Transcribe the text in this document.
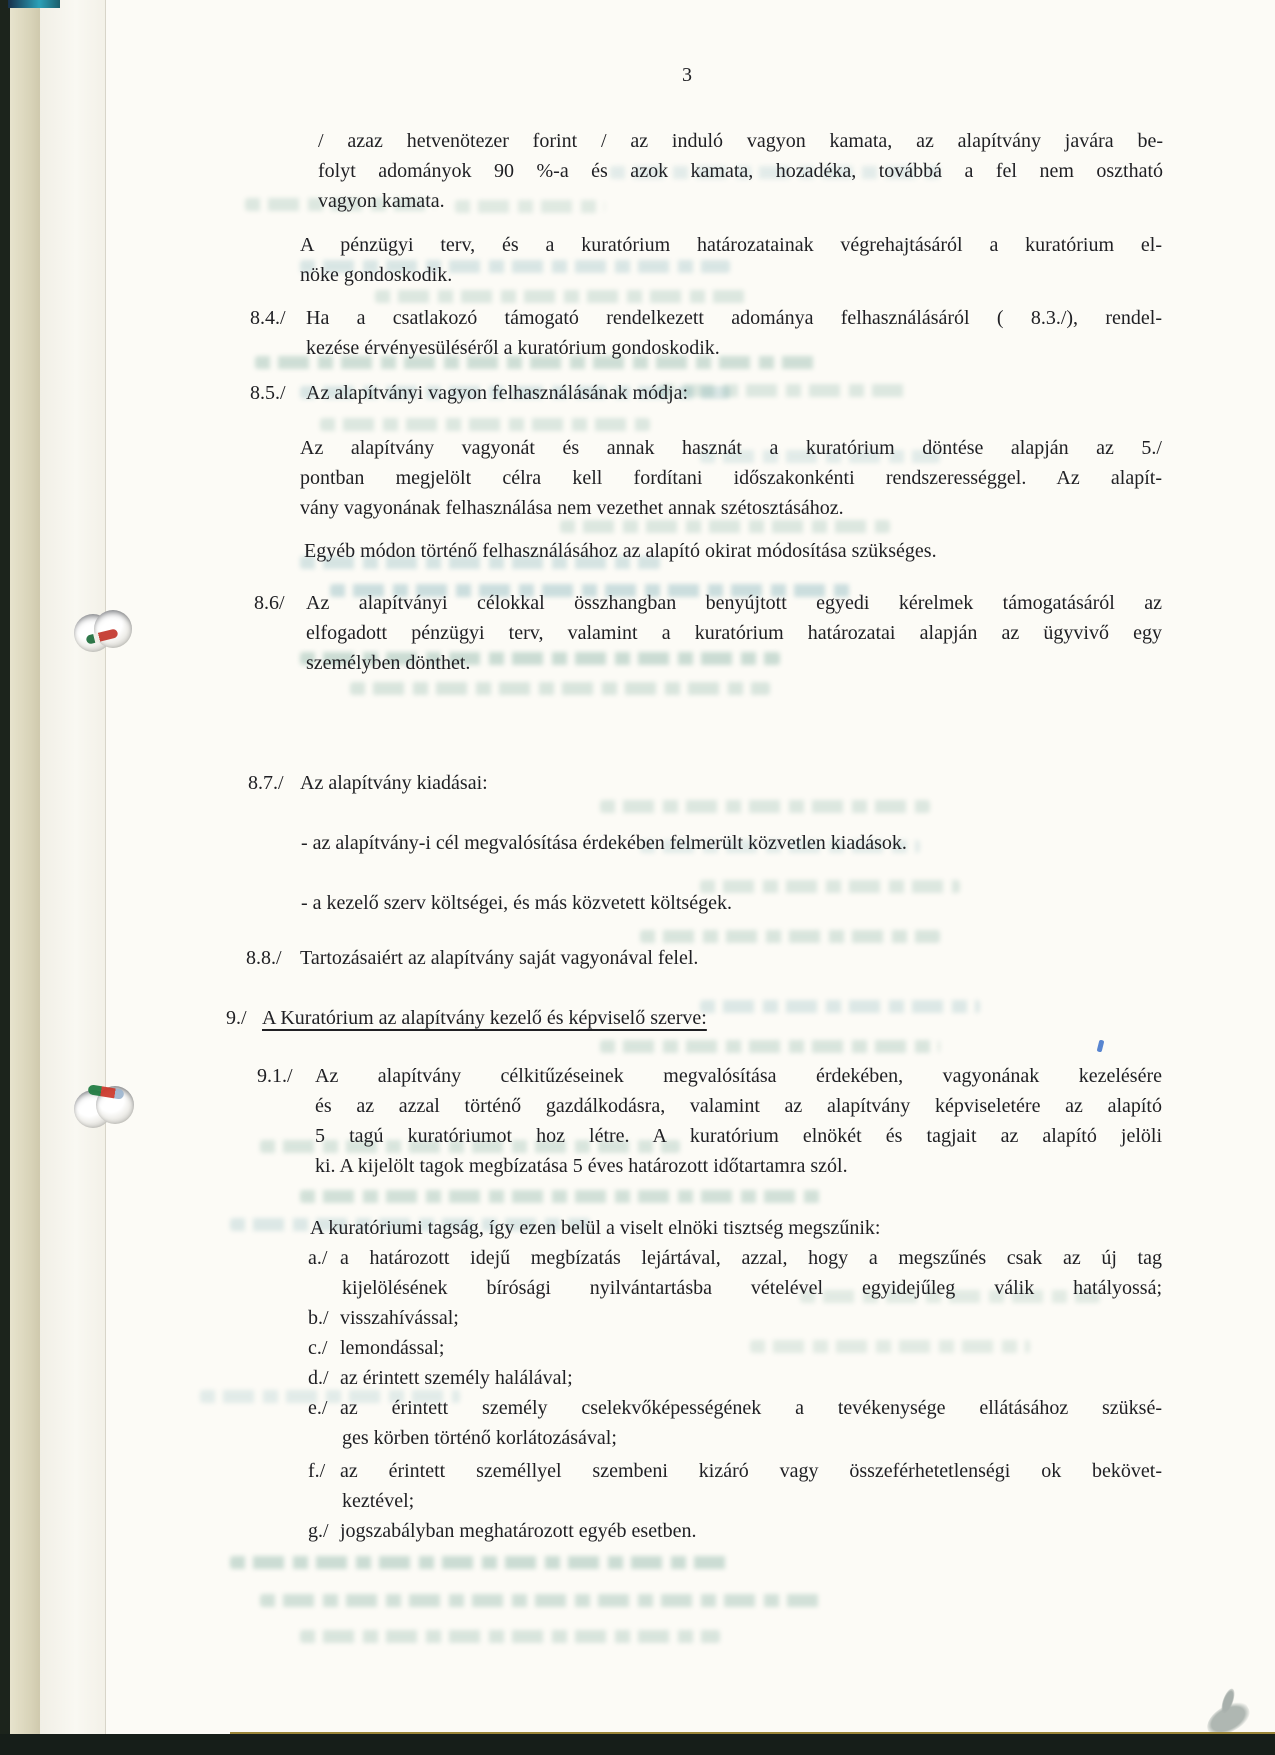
3
/ azaz hetvenötezer forint / az induló vagyon kamata, az alapítvány javára be-
folyt adományok 90 %-a és azok kamata, hozadéka, továbbá a fel nem osztható
vagyon kamata.
A pénzügyi terv, és a kuratórium határozatainak végrehajtásáról a kuratórium el-
nöke gondoskodik.
8.4./ Ha a csatlakozó támogató rendelkezett adománya felhasználásáról ( 8.3./), rendel-
kezése érvényesüléséről a kuratórium gondoskodik.
8.5./ Az alapítványi vagyon felhasználásának módja:
Az alapítvány vagyonát és annak hasznát a kuratórium döntése alapján az 5./
pontban megjelölt célra kell fordítani időszakonkénti rendszerességgel. Az alapít-
vány vagyonának felhasználása nem vezethet annak szétosztásához.
Egyéb módon történő felhasználásához az alapító okirat módosítása szükséges.
8.6/ Az alapítványi célokkal összhangban benyújtott egyedi kérelmek támogatásáról az
elfogadott pénzügyi terv, valamint a kuratórium határozatai alapján az ügyvivő egy
személyben dönthet.
8.7./ Az alapítvány kiadásai:
- az alapítvány-i cél megvalósítása érdekében felmerült közvetlen kiadások.
- a kezelő szerv költségei, és más közvetett költségek.
8.8./ Tartozásaiért az alapítvány saját vagyonával felel.
9./ A Kuratórium az alapítvány kezelő és képviselő szerve:
9.1./ Az alapítvány célkitűzéseinek megvalósítása érdekében, vagyonának kezelésére
és az azzal történő gazdálkodásra, valamint az alapítvány képviseletére az alapító
5 tagú kuratóriumot hoz létre. A kuratórium elnökét és tagjait az alapító jelöli
ki. A kijelölt tagok megbízatása 5 éves határozott időtartamra szól.
A kuratóriumi tagság, így ezen belül a viselt elnöki tisztség megszűnik:
a./ a határozott idejű megbízatás lejártával, azzal, hogy a megszűnés csak az új tag
kijelölésének bírósági nyilvántartásba vételével egyidejűleg válik hatályossá;
b./ visszahívással;
c./ lemondással;
d./ az érintett személy halálával;
e./ az érintett személy cselekvőképességének a tevékenysége ellátásához szüksé-
ges körben történő korlátozásával;
f./ az érintett személlyel szembeni kizáró vagy összeférhetetlenségi ok bekövet-
keztével;
g./ jogszabályban meghatározott egyéb esetben.
